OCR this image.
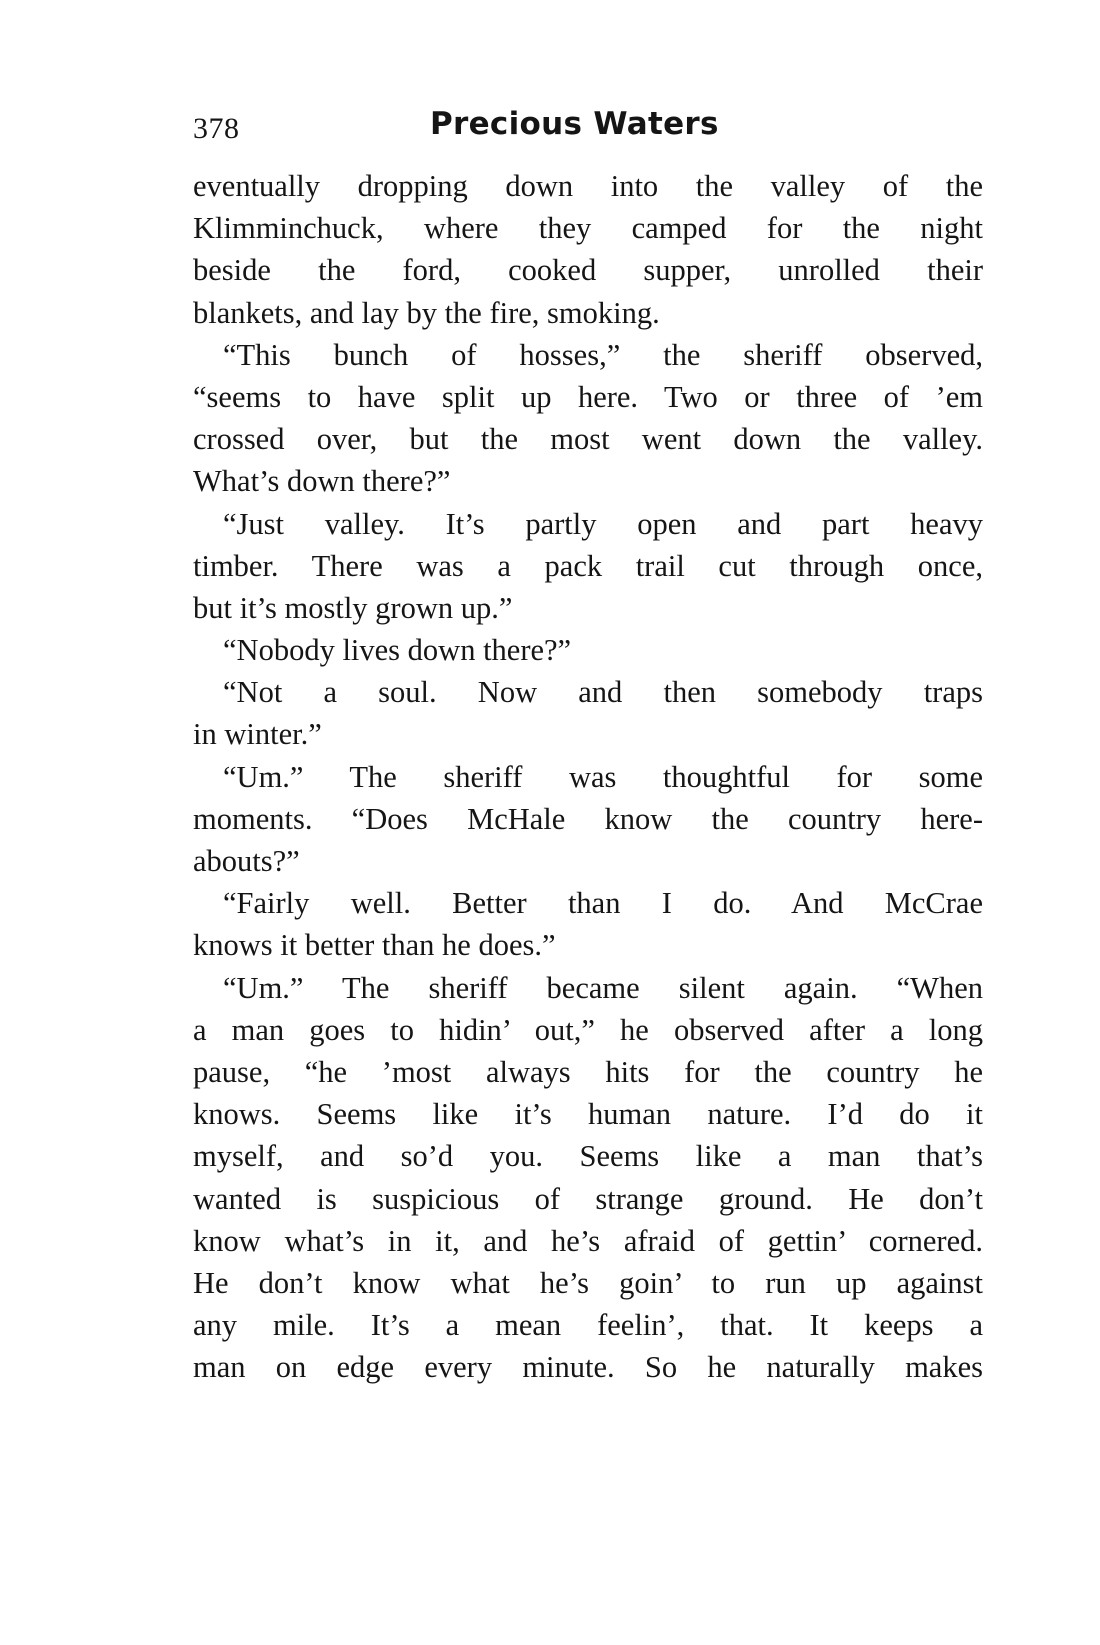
378	Precious Waters
eventually dropping down into the valley of the
Klimminchuck, where they camped for the night
beside the ford, cooked supper, unrolled their
blankets, and lay by the fire, smoking.
“This bunch of hosses,” the sheriff observed,
“seems to have split up here. Two or three of ’em
crossed over, but the most went down the valley.
What’s down there?”
“Just valley. It’s partly open and part heavy
timber. There was a pack trail cut through once,
but it’s mostly grown up.”
“Nobody lives down there?”
“Not a soul. Now and then somebody traps
in winter.”
“Um.” The sheriff was thoughtful for some
moments. “Does McHale know the country here-
abouts?”
“Fairly well. Better than I do. And McCrae
knows it better than he does.”
“Um.” The sheriff became silent again. “When
a man goes to hidin’ out,” he observed after a long
pause, “he ’most always hits for the country he
knows. Seems like it’s human nature. I’d do it
myself, and so’d you. Seems like a man that’s
wanted is suspicious of strange ground. He don’t
know what’s in it, and he’s afraid of gettin’ cornered.
He don’t know what he’s goin’ to run up against
any mile. It’s a mean feelin’, that. It keeps a
man on edge every minute. So he naturally makes
